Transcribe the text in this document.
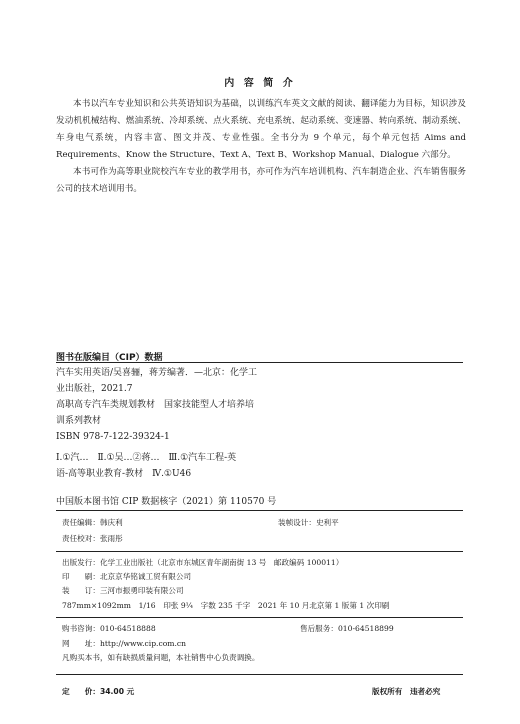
内 容 简 介
本书以汽车专业知识和公共英语知识为基础，以训练汽车英文文献的阅读、翻译能力为目标，知识涉及发动机机械结构、燃油系统、冷却系统、点火系统、充电系统、起动系统、变速器、转向系统、制动系统、车身电气系统，内容丰富、图文并茂、专业性强。全书分为 9 个单元，每个单元包括 Aims and Requirements、Know the Structure、Text A、Text B、Workshop Manual、Dialogue 六部分。
本书可作为高等职业院校汽车专业的教学用书，亦可作为汽车培训机构、汽车制造企业、汽车销售服务公司的技术培训用书。
图书在版编目（CIP）数据
汽车实用英语/吴喜骊，蒋芳编著．—北京：化学工
业出版社，2021.7
高职高专汽车类规划教材　国家技能型人才培养培
训系列教材
ISBN 978-7-122-39324-1
Ⅰ.①汽…　Ⅱ.①吴…②蒋…　Ⅲ.①汽车工程-英
语-高等职业教育-教材　Ⅳ.①U46
中国版本图书馆 CIP 数据核字（2021）第 110570 号
责任编辑：韩庆利	装帧设计：史利平
责任校对：张雨彤
出版发行：化学工业出版社（北京市东城区青年湖南街 13 号　邮政编码 100011）
印　　刷：北京京华铭诚工贸有限公司
装　　订：三河市振勇印装有限公司
787mm×1092mm　1/16　印张 9¼　字数 235 千字　2021 年 10 月北京第 1 版第 1 次印刷
购书咨询：010-64518888	售后服务：010-64518899
网　　址：http://www.cip.com.cn
凡购买本书，如有缺损质量问题，本社销售中心负责调换。
定　　价：34.00 元	版权所有　违者必究
